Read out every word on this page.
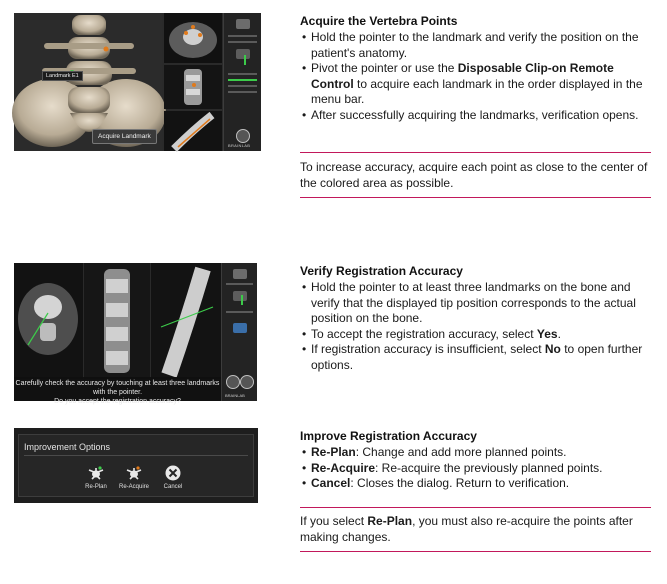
Landmark E1
Acquire Landmark
BRAINLAB
Carefully check the accuracy by touching at least three landmarks with the pointer.
Do you accept the registration accuracy?
BRAINLAB
Improvement Options
Re-Plan	Re-Acquire	Cancel
Acquire the Vertebra Points
• Hold the pointer to the landmark and verify the position on the patient's anatomy.
• Pivot the pointer or use the Disposable Clip-on Remote Control to acquire each landmark in the order displayed in the menu bar.
• After successfully acquiring the landmarks, verification opens.

To increase accuracy, acquire each point as close to the center of the colored area as possible.

Verify Registration Accuracy
• Hold the pointer to at least three landmarks on the bone and verify that the displayed tip position corresponds to the actual position on the bone.
• To accept the registration accuracy, select Yes.
• If registration accuracy is insufficient, select No to open further options.
Improve Registration Accuracy
• Re-Plan: Change and add more planned points.
• Re-Acquire: Re-acquire the previously planned points.
• Cancel: Closes the dialog. Return to verification.

If you select Re-Plan, you must also re-acquire the points after making changes.
